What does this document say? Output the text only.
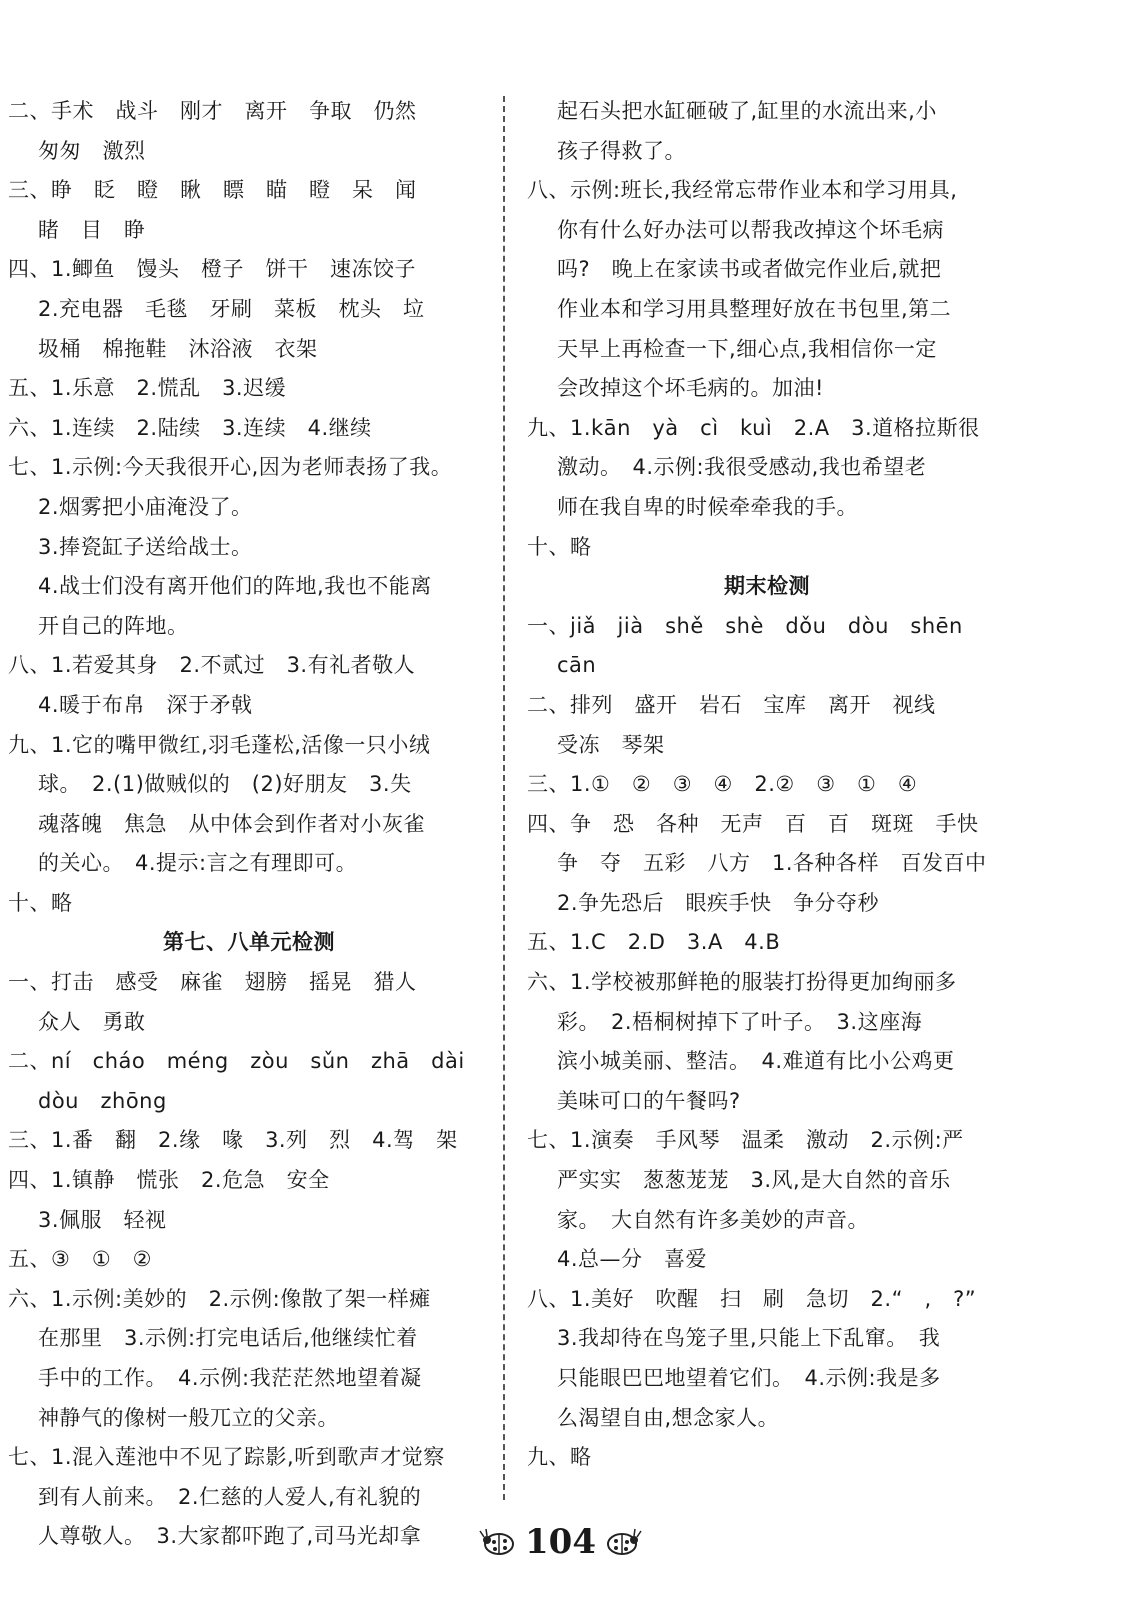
二、手术　战斗　刚才　离开　争取　仍然
匆匆　激烈
三、睁　眨　瞪　瞅　瞟　瞄　瞪　呆　闻
睹　目　睁
四、1.鲫鱼　馒头　橙子　饼干　速冻饺子
2.充电器　毛毯　牙刷　菜板　枕头　垃
圾桶　棉拖鞋　沐浴液　衣架
五、1.乐意　2.慌乱　3.迟缓
六、1.连续　2.陆续　3.连续　4.继续
七、1.示例:今天我很开心,因为老师表扬了我。
2.烟雾把小庙淹没了。
3.捧瓷缸子送给战士。
4.战士们没有离开他们的阵地,我也不能离
开自己的阵地。
八、1.若爱其身　2.不贰过　3.有礼者敬人
4.暖于布帛　深于矛戟
九、1.它的嘴甲微红,羽毛蓬松,活像一只小绒
球。　2.(1)做贼似的　(2)好朋友　3.失
魂落魄　焦急　从中体会到作者对小灰雀
的关心。　4.提示:言之有理即可。
十、略
第七、八单元检测
一、打击　感受　麻雀　翅膀　摇晃　猎人
众人　勇敢
二、ní　cháo　méng　zòu　sǔn　zhā　dài
dòu　zhōng
三、1.番　翻　2.缘　喙　3.列　烈　4.驾　架
四、1.镇静　慌张　2.危急　安全
3.佩服　轻视
五、③　①　②
六、1.示例:美妙的　2.示例:像散了架一样瘫
在那里　3.示例:打完电话后,他继续忙着
手中的工作。　4.示例:我茫茫然地望着凝
神静气的像树一般兀立的父亲。
七、1.混入莲池中不见了踪影,听到歌声才觉察
到有人前来。　2.仁慈的人爱人,有礼貌的
人尊敬人。　3.大家都吓跑了,司马光却拿
起石头把水缸砸破了,缸里的水流出来,小
孩子得救了。
八、示例:班长,我经常忘带作业本和学习用具,
你有什么好办法可以帮我改掉这个坏毛病
吗?　晚上在家读书或者做完作业后,就把
作业本和学习用具整理好放在书包里,第二
天早上再检查一下,细心点,我相信你一定
会改掉这个坏毛病的。加油!
九、1.kān　yà　cì　kuì　2.A　3.道格拉斯很
激动。　4.示例:我很受感动,我也希望老
师在我自卑的时候牵牵我的手。
十、略
期末检测
一、jiǎ　jià　shě　shè　dǒu　dòu　shēn
cān
二、排列　盛开　岩石　宝库　离开　视线
受冻　琴架
三、1.①　②　③　④　2.②　③　①　④
四、争　恐　各种　无声　百　百　斑斑　手快
争　夺　五彩　八方　1.各种各样　百发百中
2.争先恐后　眼疾手快　争分夺秒
五、1.C　2.D　3.A　4.B
六、1.学校被那鲜艳的服装打扮得更加绚丽多
彩。　2.梧桐树掉下了叶子。　3.这座海
滨小城美丽、整洁。　4.难道有比小公鸡更
美味可口的午餐吗?
七、1.演奏　手风琴　温柔　激动　2.示例:严
严实实　葱葱茏茏　3.风,是大自然的音乐
家。　大自然有许多美妙的声音。
4.总—分　喜爱
八、1.美好　吹醒　扫　刷　急切　2.“　,　?”
3.我却待在鸟笼子里,只能上下乱窜。　我
只能眼巴巴地望着它们。　4.示例:我是多
么渴望自由,想念家人。
九、略
104
